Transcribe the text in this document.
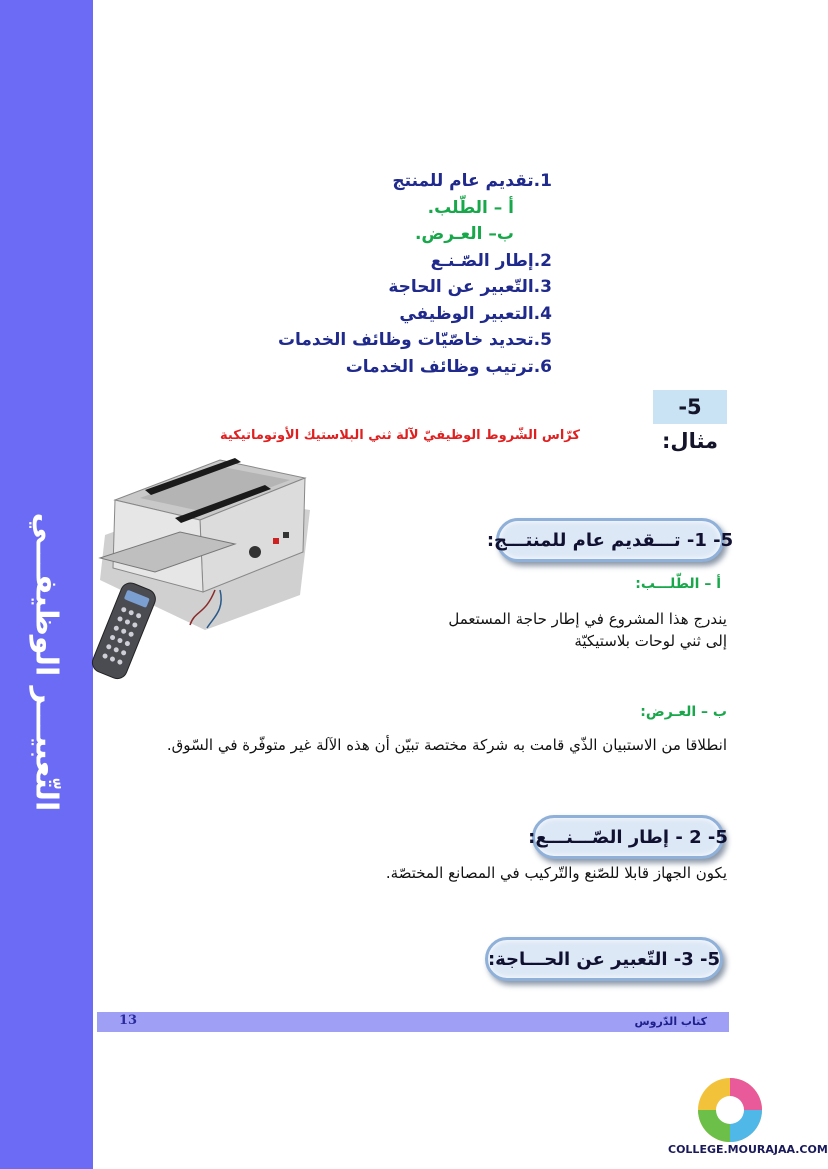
التّعبيـــر الوظيفـــي
1.تقديم عام للمنتج
أ – الطّلب.
ب– العـرض.
2.إطار الصّـنـع
3.التّعبير عن الحاجة
4.التعبير الوظيفي
5.تحديد خاصّيّات وظائف الخدمات
6.ترتيب وظائف الخدمات
5- مثال:
كرّاس الشّروط الوظيفيّ لآلة ثني البلاستيك الأوتوماتيكية
5- 1- تـــقديم عام للمنتـــج:
أ – الطّلـــب:
يندرج هذا المشروع في إطار حاجة المستعمل
إلى ثني لوحات بلاستيكيّة
ب – العـرض:
انطلاقا من الاستبيان الذّي قامت به شركة مختصة تبيّن أن هذه الآلة غير متوفّرة في السّوق.
5- 2 - إطار الصّـــنـــع:
يكون الجهاز قابلا للصّنع والتّركيب في المصانع المختصّة.
5- 3- التّعبير عن الحـــاجة:
13	كتاب الدّروس
COLLEGE.MOURAJAA.COM
